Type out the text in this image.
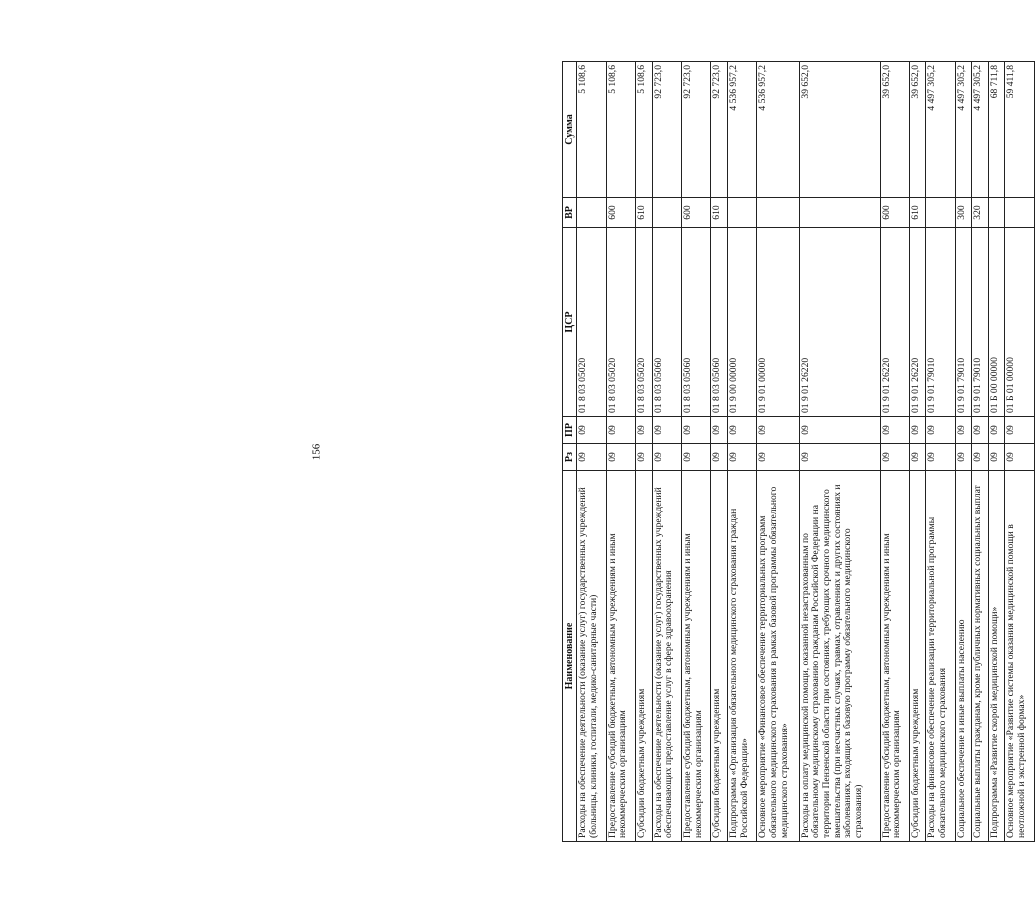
156
Наименование	Рз	ПР	ЦСР	ВР	Сумма
Расходы на обеспечение деятельности (оказание услуг) государственных учреждений (больницы, клиники, госпитали, медико-санитарные части)	09	09	01 8 03 05020		5 108,6
Предоставление субсидий бюджетным, автономным учреждениям и иным некоммерческим организациям	09	09	01 8 03 05020	600	5 108,6
Субсидии бюджетным учреждениям	09	09	01 8 03 05020	610	5 108,6
Расходы на обеспечение деятельности (оказание услуг) государственных учреждений обеспечивающих предоставление услуг в сфере здравоохранения	09	09	01 8 03 05060		92 723,0
Предоставление субсидий бюджетным, автономным учреждениям и иным некоммерческим организациям	09	09	01 8 03 05060	600	92 723,0
Субсидии бюджетным учреждениям	09	09	01 8 03 05060	610	92 723,0
Подпрограмма «Организация обязательного медицинского страхования граждан Российской Федерации»	09	09	01 9 00 00000		4 536 957,2
Основное мероприятие «Финансовое обеспечение территориальных программ обязательного медицинского страхования в рамках базовой программы обязательного медицинского страхования»	09	09	01 9 01 00000		4 536 957,2
Расходы на оплату медицинской помощи, оказанной незастрахованным по обязательному медицинскому страхованию гражданам Российской Федерации на территории Пензенской области при состояниях, требующих срочного медицинского вмешательства (при несчастных случаях, травмах, отравлениях и других состояниях и заболеваниях, входящих в базовую программу обязательного медицинского страхования)	09	09	01 9 01 26220		39 652,0
Предоставление субсидий бюджетным, автономным учреждениям и иным некоммерческим организациям	09	09	01 9 01 26220	600	39 652,0
Субсидии бюджетным учреждениям	09	09	01 9 01 26220	610	39 652,0
Расходы на финансовое обеспечение реализации территориальной программы обязательного медицинского страхования	09	09	01 9 01 79010		4 497 305,2
Социальное обеспечение и иные выплаты населению	09	09	01 9 01 79010	300	4 497 305,2
Социальные выплаты гражданам, кроме публичных нормативных социальных выплат	09	09	01 9 01 79010	320	4 497 305,2
Подпрограмма «Развитие скорой медицинской помощи»	09	09	01 Б 00 00000		68 711,8
Основное мероприятие «Развитие системы оказания медицинской помощи в неотложной и экстренной формах»	09	09	01 Б 01 00000		59 411,8
